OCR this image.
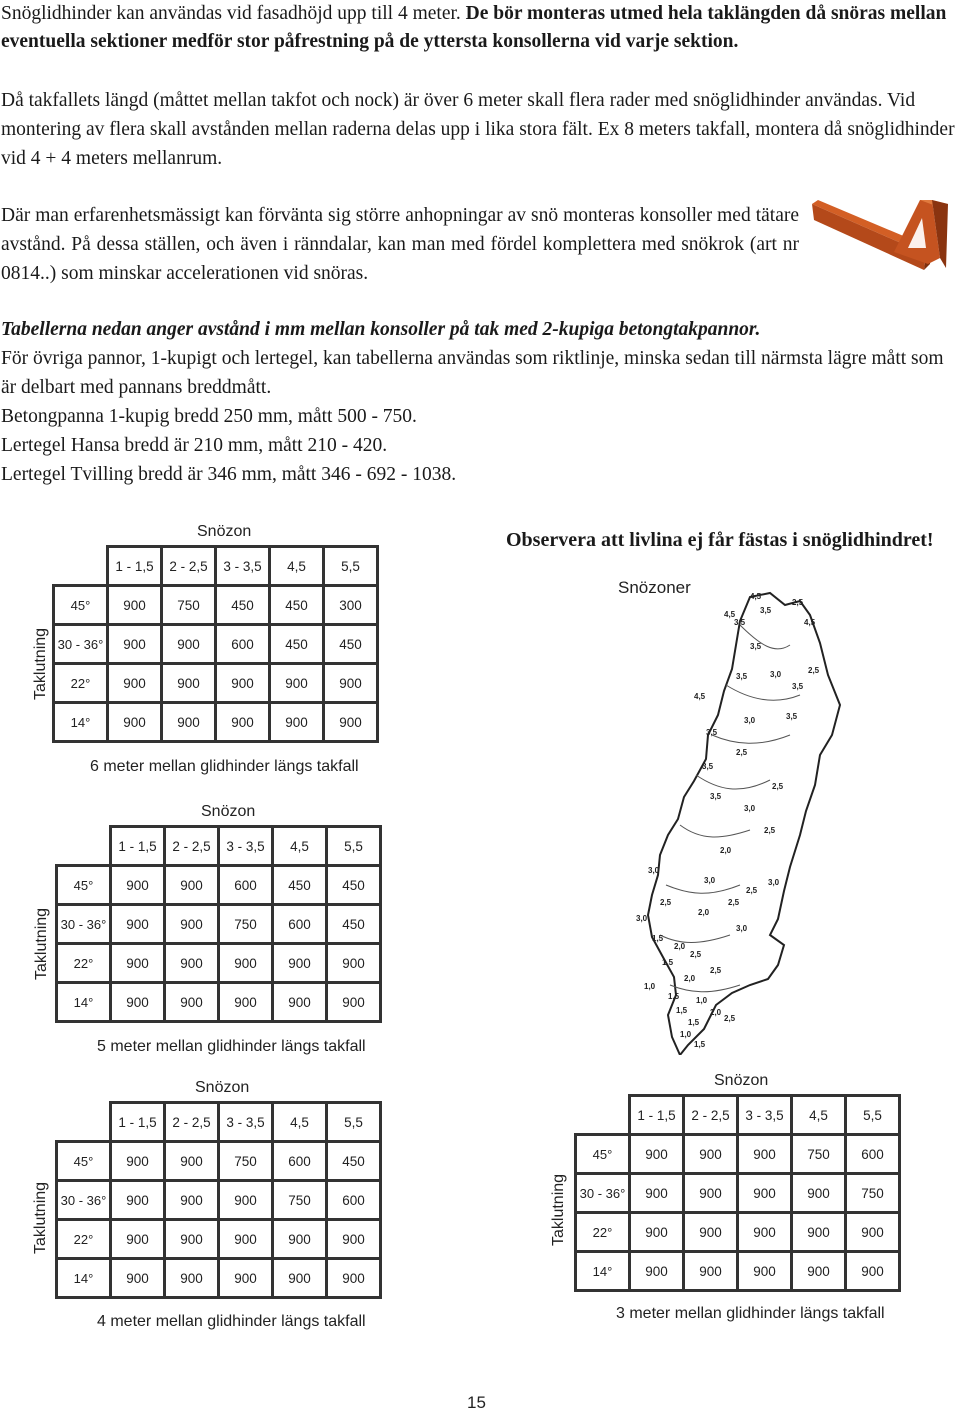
Snöglidhinder kan användas vid fasadhöjd upp till 4 meter. De bör monteras utmed hela taklängden då snöras mellan eventuella sektioner medför stor påfrestning på de yttersta konsollerna vid varje sektion.

Då takfallets längd (måttet mellan takfot och nock) är över 6 meter skall flera rader med snöglidhinder användas. Vid montering av flera skall avstånden mellan raderna delas upp i lika stora fält. Ex 8 meters takfall, montera då snöglidhinder vid 4 + 4 meters mellanrum.

Där man erfarenhetsmässigt kan förvänta sig större anhopningar av snö monteras konsoller med tätare avstånd. På dessa ställen, och även i ränndalar, kan man med fördel komplettera med snökrok (art nr 0814..) som minskar accelerationen vid snöras.

Tabellerna nedan anger avstånd i mm mellan konsoller på tak med 2-kupiga betongtakpannor.
För övriga pannor, 1-kupigt och lertegel, kan tabellerna användas som riktlinje, minska sedan till närmsta lägre mått som är delbart med pannans breddmått.
Betongpanna 1-kupig bredd 250 mm, mått 500 - 750.
Lertegel Hansa bredd är 210 mm, mått 210 - 420.
Lertegel Tvilling bredd är 346 mm, mått 346 - 692 - 1038.

Observera att livlina ej får fästas i snöglidhindret!
Snözoner	4,5
2,5
4,5	3,5
3,5	4,5
3,5
3,0	2,5
3,5
3,5
4,5
3,5
3,0
3,5
2,5
3,5
2,5
3,5
3,0
2,5
2,0
3,0
3,0
2,5
3,0
2,5
2,5
3,0
2,0
3,0
1,5
2,0
2,5
1,5
2,5
2,0
1,0
1,5 1,0
1,5	2,0
1,5	2,5
1,0
1,5
Snözon
Taklutning
	1 - 1,5	2 - 2,5	3 - 3,5	4,5	5,5
45°	900	750	450	450	300
30 - 36°	900	900	600	450	450
22°	900	900	900	900	900
14°	900	900	900	900	900
6 meter mellan glidhinder längs takfall
Snözon
Taklutning
	1 - 1,5	2 - 2,5	3 - 3,5	4,5	5,5
45°	900	900	600	450	450
30 - 36°	900	900	750	600	450
22°	900	900	900	900	900
14°	900	900	900	900	900
5 meter mellan glidhinder längs takfall
Snözon
Taklutning
	1 - 1,5	2 - 2,5	3 - 3,5	4,5	5,5
45°	900	900	750	600	450
30 - 36°	900	900	900	750	600
22°	900	900	900	900	900
14°	900	900	900	900	900
4 meter mellan glidhinder längs takfall
Snözon
Taklutning
	1 - 1,5	2 - 2,5	3 - 3,5	4,5	5,5
45°	900	900	900	750	600
30 - 36°	900	900	900	900	750
22°	900	900	900	900	900
14°	900	900	900	900	900
3 meter mellan glidhinder längs takfall
15
